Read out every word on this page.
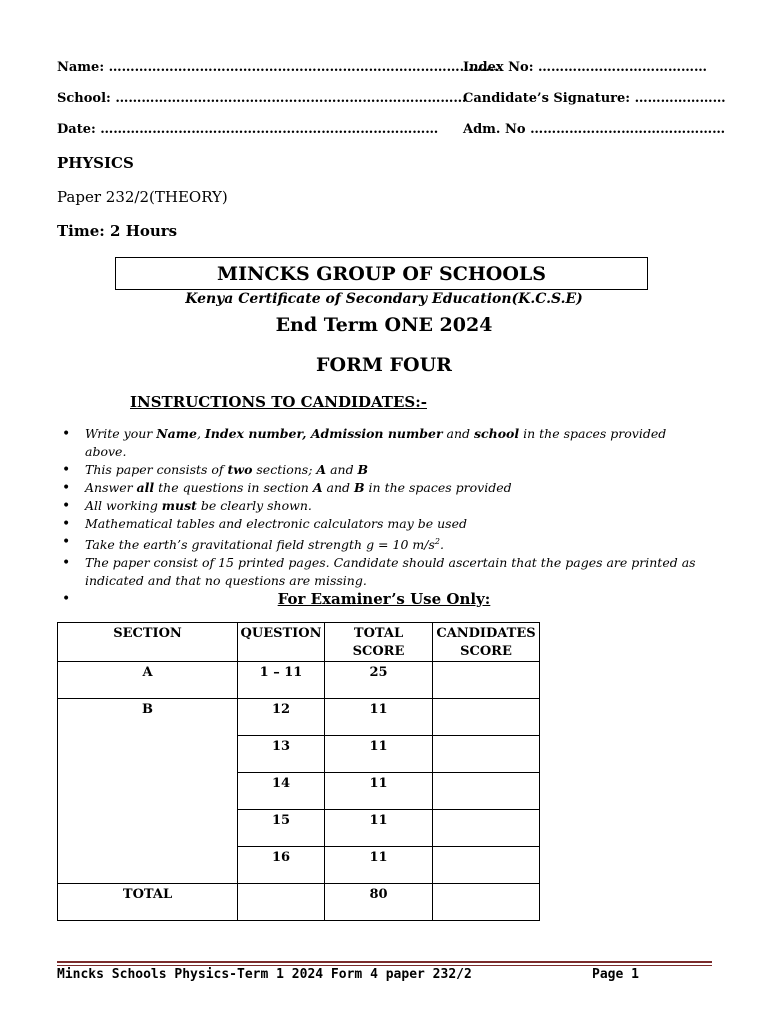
Name: ………………………………………………………………………………
Index No: …………………………………
School: ………………………………………………………………………
Candidate’s Signature: …………………
Date: …………………………………………………………………… Adm. No ………………………………………
PHYSICS
Paper 232/2(THEORY)
Time: 2 Hours
MINCKS GROUP OF SCHOOLS
Kenya Certificate of Secondary Education(K.C.S.E)
End Term ONE 2024
FORM FOUR
INSTRUCTIONS TO CANDIDATES:-
• Write your Name, Index number, Admission number and school in the spaces provided above.
• This paper consists of two sections; A and B
• Answer all the questions in section A and B in the spaces provided
• All working must be clearly shown.
• Mathematical tables and electronic calculators may be used
• Take the earth’s gravitational field strength g = 10 $m/s^2$.
• The paper consist of 15 printed pages. Candidate should ascertain that the pages are printed as indicated and that no questions are missing.
•
For Examiner’s Use Only:
SECTION	QUESTION	TOTAL SCORE	CANDIDATES SCORE
A	1 – 11	25	
B	12	11	
	13	11	
	14	11	
	15	11	
	16	11	
TOTAL		80	
Mincks Schools Physics-Term 1 2024 Form 4 paper 232/2	Page 1
